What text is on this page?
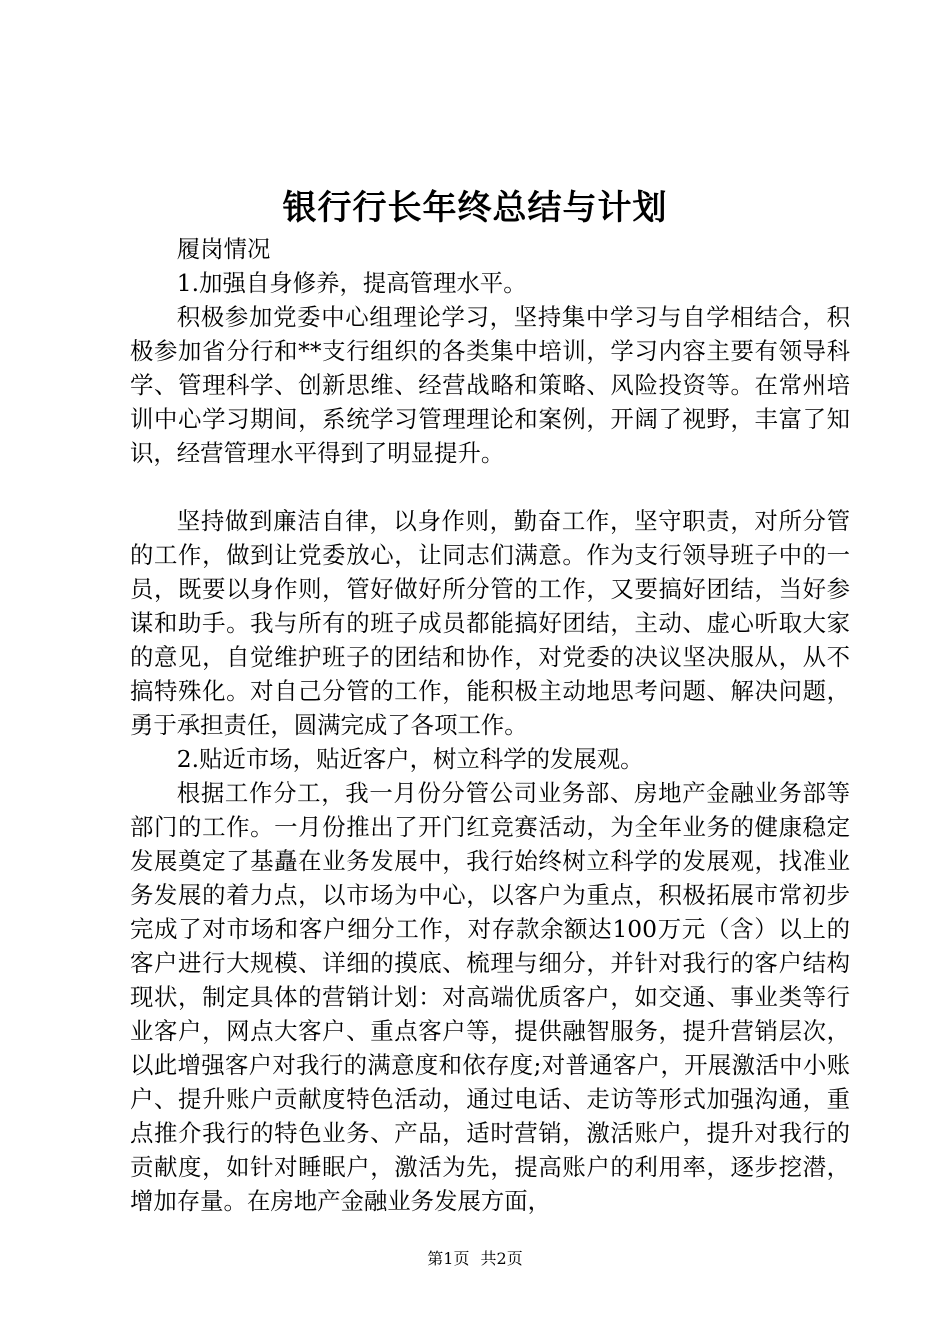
银行行长年终总结与计划

履岗情况

1.加强自身修养，提高管理水平。

积极参加党委中心组理论学习，坚持集中学习与自学相结合，积极参加省分行和**支行组织的各类集中培训，学习内容主要有领导科学、管理科学、创新思维、经营战略和策略、风险投资等。在常州培训中心学习期间，系统学习管理理论和案例，开阔了视野，丰富了知识，经营管理水平得到了明显提升。

坚持做到廉洁自律，以身作则，勤奋工作，坚守职责，对所分管的工作，做到让党委放心，让同志们满意。作为支行领导班子中的一员，既要以身作则，管好做好所分管的工作，又要搞好团结，当好参谋和助手。我与所有的班子成员都能搞好团结，主动、虚心听取大家的意见，自觉维护班子的团结和协作，对党委的决议坚决服从，从不搞特殊化。对自己分管的工作，能积极主动地思考问题、解决问题，勇于承担责任，圆满完成了各项工作。

2.贴近市场，贴近客户，树立科学的发展观。

根据工作分工，我一月份分管公司业务部、房地产金融业务部等部门的工作。一月份推出了开门红竞赛活动，为全年业务的健康稳定发展奠定了基矗在业务发展中，我行始终树立科学的发展观，找准业务发展的着力点，以市场为中心，以客户为重点，积极拓展市常初步完成了对市场和客户细分工作，对存款余额达100万元（含）以上的客户进行大规模、详细的摸底、梳理与细分，并针对我行的客户结构现状，制定具体的营销计划：对高端优质客户，如交通、事业类等行业客户，网点大客户、重点客户等，提供融智服务，提升营销层次，以此增强客户对我行的满意度和依存度;对普通客户，开展激活中小账户、提升账户贡献度特色活动，通过电话、走访等形式加强沟通，重点推介我行的特色业务、产品，适时营销，激活账户，提升对我行的贡献度，如针对睡眠户，激活为先，提高账户的利用率，逐步挖潜，增加存量。在房地产金融业务发展方面，

第1页 共2页
